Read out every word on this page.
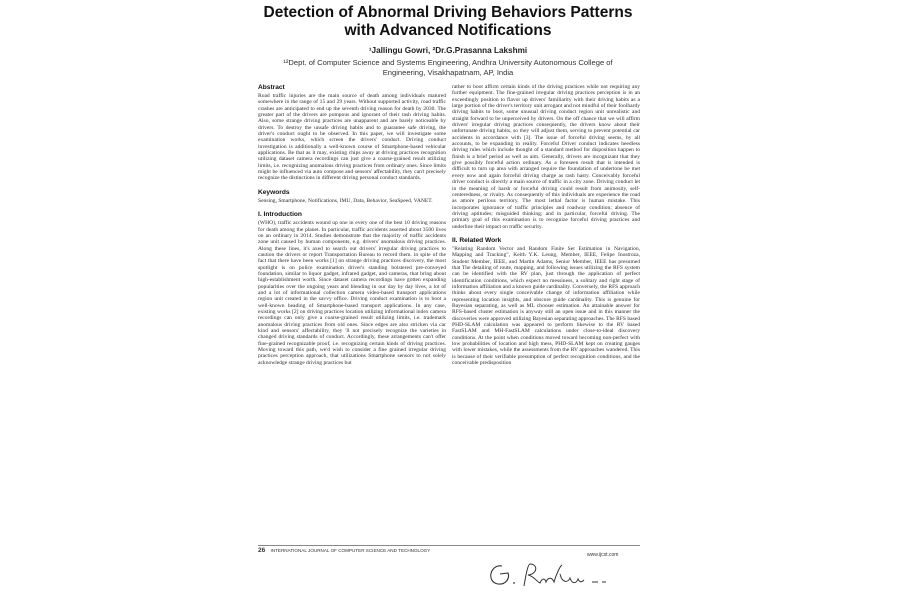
Detection of Abnormal Driving Behaviors Patterns
with Advanced Notifications
¹Jallingu Gowri, ²Dr.G.Prasanna Lakshmi
¹²Dept. of Computer Science and Systems Engineering, Andhra University Autonomous College of
Engineering, Visakhapatnam, AP, India
Abstract

Road traffic injuries are the main source of death among individuals matured somewhere in the range of 15 and 29 years. Without supported activity, road traffic crashes are anticipated to end up the seventh driving reason for death by 2030. The greater part of the drivers are pompous and ignorant of their rash driving habits. Also, some strange driving practices are unapparent and are barely noticeable by drivers. To destroy the unsafe driving habits and to guarantee safe driving, the driver's conduct ought to be observed. In this paper, we will investigate some examination works, which screen the drivers' conduct. Driving conduct investigation is additionally a well-known course of Smartphone-based vehicular applications. Be that as it may, existing chips away at driving practices recognition utilizing dataset camera recordings can just give a coarse-grained result utilizing limits, i.e. recognizing anomalous driving practices from ordinary ones. Since limits might be influenced via auto compose and sensors' affectability, they can't precisely recognize the distinctions in different driving personal conduct standards.

Keywords

Sensing, Smartphone, Notifications, IMU, Data, Behavior, SeaSpeed, VANET.

I. Introduction

(WHO), traffic accidents wound up one in every one of the best 10 driving reasons for death among the planet. In particular, traffic accidents asserted about 3500 lives on an ordinary in 2014. Studies demonstrate that the majority of traffic accidents zone unit caused by human components, e.g. drivers' anomalous driving practices. Along these lines, it's axed to search out drivers' irregular driving practices to caution the drivers or report Transportation Bureau to record them. in spite of the fact that there have been works [1] on strange driving practices discovery, the most spotlight is on police examination driver's standing bolstered pre-conveyed foundation, similar to liquor gadget, infrared gadget, and cameras, that bring about high-establishment worth. Since dataset camera recordings have gotten expanding popularities over the ongoing years and blending in our day by day lives, a lot of and a lot of informational collection camera video-based transport applications region unit created in the savvy office. Driving conduct examination is to boot a well-known heading of Smartphone-based transport applications. In any case, existing works [2] on driving practices location utilizing informational index camera recordings can only give a coarse-grained result utilizing limits, i.e. trademark anomalous driving practices from old ones. Since edges are also stricken via car kind and sensors' affectability, they 'll not precisely recognize the varieties in changed driving standards of conduct. Accordingly, these arrangements can't offer fine-grained recognizable proof, i.e. recognizing certain kinds of driving practices. Moving toward this path, we'd wish to consider a fine grained irregular driving practices perception approach, that utilizations Smartphone sensors to not solely acknowledge strange driving practices but

rather to boot affirm certain kinds of the driving practices while not requiring any further equipment. The fine-grained irregular driving practices perception is in an exceedingly position to flavor up drivers' familiarity with their driving habits as a large portion of the driver's territory unit arrogant and not mindful of their foolhardy driving habits to boot, some unusual driving conduct region unit unrealistic and straight forward to be unperceived by drivers. On the off chance that we will affirm drivers' irregular driving practices consequently, the drivers know about their unfortunate driving habits, so they will adjust them, serving to prevent potential car accidents in accordance with [3]. The issue of forceful driving seems, by all accounts, to be expanding in reality. Forceful Driver conduct indicates heedless driving rules which include thought of a standard method for disposition happen to finish is a brief period as well as aim. Generally, drivers are incognizant that they give possibly forceful action ordinary. As a foreseen result that is intended is difficult to turn up area with arranged require the foundation of undertone be met every now and again forceful driving charge as rash hasty. Conceivably forceful driver conduct is directly a main source of traffic in a city zone. Driving conduct let in the meaning of harsh or forceful driving could result from animosity, self-centeredness, or rivalry. As consequently of this individuals are experience the road as amore perilous territory. The most lethal factor is human mistake. This incorporates ignorance of traffic principles and roadway condition; absence of driving aptitudes; misguided thinking; and in particular, forceful driving. The primary goal of this examination is to recognize forceful driving practices and underline their impact on traffic security.

II. Related Work

"Relating Random Vector and Random Finite Set Estimation in Navigation, Mapping and Tracking", Keith Y.K. Leung, Member, IEEE, Felipe Inostroza, Student Member, IEEE, and Martin Adams, Senior Member, IEEE has presumed that The detailing of route, mapping, and following issues utilizing the RFS system can be identified with the RV plan, just through the application of perfect identification conditions, which expect no messiness, a solitary and right stage of information affiliation and a known guide cardinality. Conversely, the RFS approach thinks about every single conceivable change of information affiliation while representing location insights, and obscure guide cardinality. This is genuine for Bayesian separating, as well as ML chooser estimation. An attainable answer for RFS-based cluster estimation is anyway still an open issue and in this manner the discoveries were approved utilizing Bayesian separating approaches. The RFS based PHD-SLAM calculation was appeared to perform likewise to the RV based FastSLAM and MH-FastSLAM calculations under close-to-ideal discovery conditions. At the point when conditions moved toward becoming non-perfect with low probabilities of location and high mess, PHD-SLAM kept on creating gauges with lower mistakes, while the assessments from the RV approaches wandered. This is because of their verifiable presumption of perfect recognition conditions, and the conceivable predisposition

26 INTERNATIONAL JOURNAL OF COMPUTER SCIENCE AND TECHNOLOGY
www.ijcst.com
